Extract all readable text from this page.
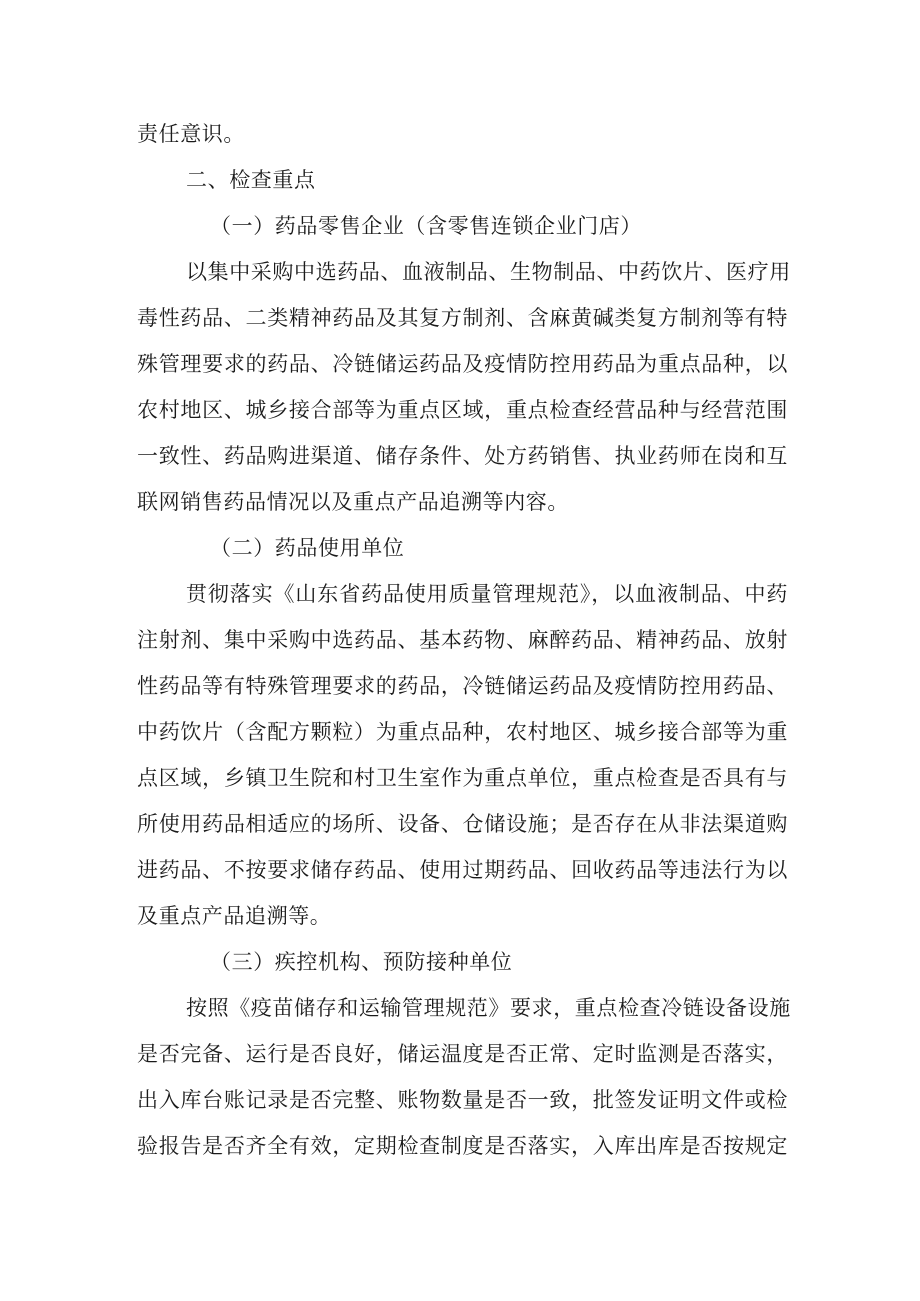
责任意识。
二、检查重点
（一）药品零售企业（含零售连锁企业门店）
以集中采购中选药品、血液制品、生物制品、中药饮片、医疗用
毒性药品、二类精神药品及其复方制剂、含麻黄碱类复方制剂等有特
殊管理要求的药品、冷链储运药品及疫情防控用药品为重点品种，以
农村地区、城乡接合部等为重点区域，重点检查经营品种与经营范围
一致性、药品购进渠道、储存条件、处方药销售、执业药师在岗和互
联网销售药品情况以及重点产品追溯等内容。
（二）药品使用单位
贯彻落实《山东省药品使用质量管理规范》，以血液制品、中药
注射剂、集中采购中选药品、基本药物、麻醉药品、精神药品、放射
性药品等有特殊管理要求的药品，冷链储运药品及疫情防控用药品、
中药饮片（含配方颗粒）为重点品种，农村地区、城乡接合部等为重
点区域，乡镇卫生院和村卫生室作为重点单位，重点检查是否具有与
所使用药品相适应的场所、设备、仓储设施；是否存在从非法渠道购
进药品、不按要求储存药品、使用过期药品、回收药品等违法行为以
及重点产品追溯等。
（三）疾控机构、预防接种单位
按照《疫苗储存和运输管理规范》要求，重点检查冷链设备设施
是否完备、运行是否良好，储运温度是否正常、定时监测是否落实，
出入库台账记录是否完整、账物数量是否一致，批签发证明文件或检
验报告是否齐全有效，定期检查制度是否落实，入库出库是否按规定
